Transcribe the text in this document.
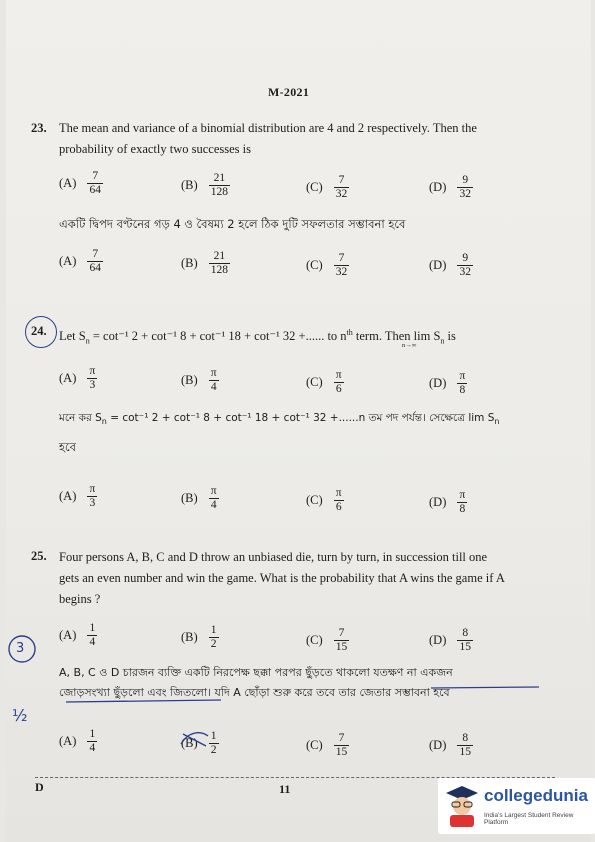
M-2021
23. The mean and variance of a binomial distribution are 4 and 2 respectively. Then the
probability of exactly two successes is
$(A) \frac{7}{64}$	$(B) \frac{21}{128}$	$(C) \frac{7}{32}$	$(D) \frac{9}{32}$
একটি দ্বিপদ বণ্টনের গড় 4 ও বৈষম্য 2 হলে ঠিক দুটি সফলতার সম্ভাবনা হবে
$(A) \frac{7}{64}$	$(B) \frac{21}{128}$	$(C) \frac{7}{32}$	$(D) \frac{9}{32}$
24. Let $S_n = \cot^{-1}$ 2 + cot⁻¹ 8 + cot⁻¹ 18 + cot⁻¹ 32 +...... to $n^{th}$ term. Then $\lim S_n$ is
n→∞
$(A) \frac{\pi}{3}$	$(B) \frac{\pi}{4}$	$(C) \frac{\pi}{6}$	$(D) \frac{\pi}{8}$
মনে কর $S_n = \cot^{-1}$ 2 + cot⁻¹ 8 + cot⁻¹ 18 + cot⁻¹ 32 +......n তম পদ পর্যন্ত। সেক্ষেত্রে $\lim S_n$
হবে
$(A) \frac{\pi}{3}$	$(B) \frac{\pi}{4}$	$(C) \frac{\pi}{6}$	$(D) \frac{\pi}{8}$
25. Four persons A, B, C and D throw an unbiased die, turn by turn, in succession till one
gets an even number and win the game. What is the probability that A wins the game if A
begins ?
$(A) \frac{1}{4}$	$(B) \frac{1}{2}$	$(C) \frac{7}{15}$	$(D) \frac{8}{15}$
A, B, C ও D চারজন ব্যক্তি একটি নিরপেক্ষ ছক্কা পরপর ছুঁড়তে থাকলো যতক্ষণ না একজন
জোড়সংখ্যা ছুঁড়লো এবং জিতলো। যদি A ছোঁড়া শুরু করে তবে তার জেতার সম্ভাবনা হবে
$(A) \frac{1}{4}$	$(B) \frac{1}{2}$	$(C) \frac{7}{15}$	$(D) \frac{8}{15}$
3
½
D	11	collegedunia
India's Largest Student Review Platform
